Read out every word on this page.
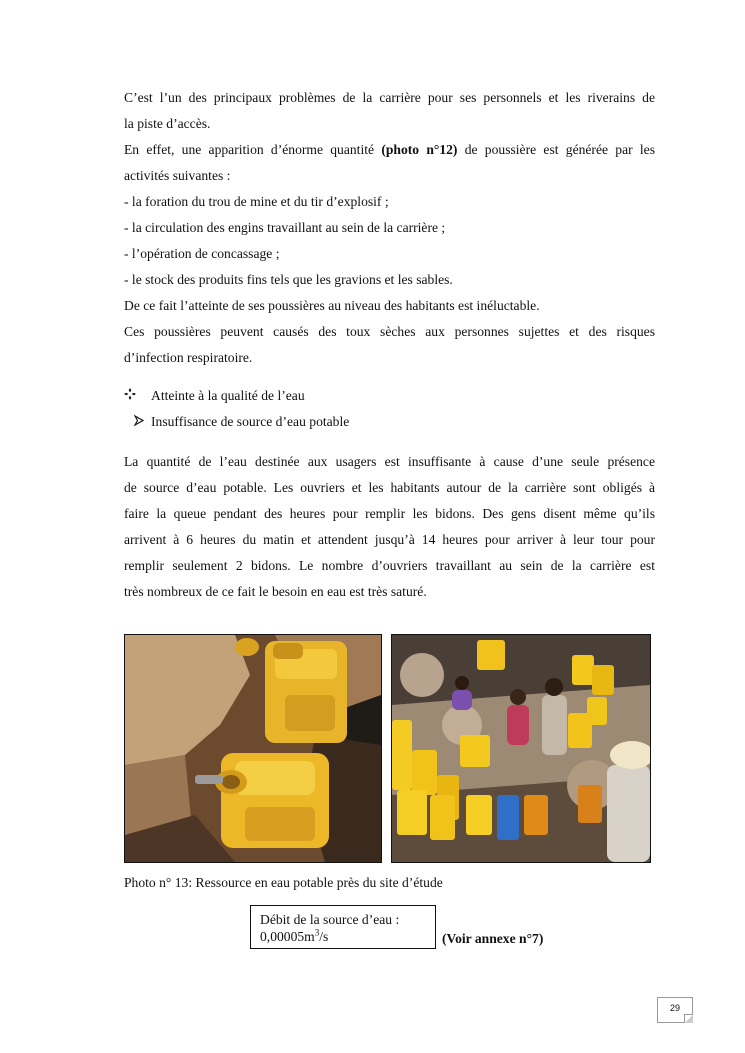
C’est l’un des principaux problèmes de la carrière pour ses personnels et les riverains de

la piste d’accès.

En effet, une apparition d’énorme quantité (photo n°12) de poussière est générée par les

activités suivantes :

- la foration du trou de mine et du tir d’explosif ;

- la circulation des engins travaillant au sein de la carrière ;

- l’opération de concassage ;

- le stock des produits fins tels que les gravions et les sables.

De ce fait l’atteinte de ses poussières au niveau des habitants est inéluctable.

Ces poussières peuvent causés des toux sèches aux personnes sujettes et des risques

d’infection respiratoire.

Atteinte à la qualité de l’eau
Insuffisance de source d’eau potable

La quantité de l’eau destinée aux usagers est insuffisante à cause d’une seule présence

de source d’eau potable. Les ouvriers et les habitants autour de la carrière sont obligés à

faire la queue pendant des heures pour remplir les bidons. Des gens disent même qu’ils

arrivent à 6 heures du matin et attendent jusqu’à 14 heures pour arriver à leur tour pour

remplir seulement 2 bidons. Le nombre d’ouvriers travaillant au sein de la carrière est

très nombreux de ce fait le besoin en eau est très saturé.

Photo n° 13: Ressource en eau potable près du site d’étude
Débit de la source d’eau :
$0,00005m^3/s$	(Voir annexe n°7)
29
